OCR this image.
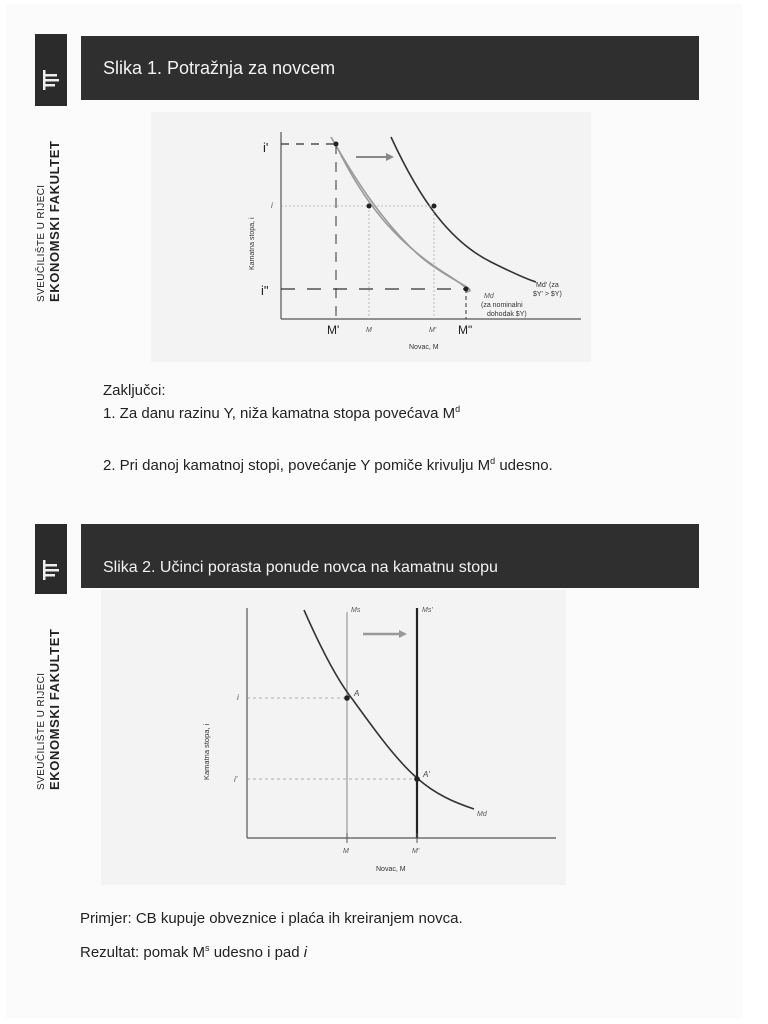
SVEUČILIŠTE U RIJECI EKONOMSKI FAKULTET
Slika 1. Potražnja za novcem
i'
i
i"
Kamatna stopa, i
M'	M	M' M"
Novac, M
Md' (za
$Y' > $Y)
Md
(za nominalni
dohodak $Y)
Zaključci:
1. Za danu razinu Y, niža kamatna stopa povećava $M^d$
2. Pri danoj kamatnoj stopi, povećanje Y pomiče krivulju $M^d$ udesno.
SVEUČILIŠTE U RIJECI EKONOMSKI FAKULTET
Slika 2. Učinci porasta ponude novca na kamatnu stopu
Ms	Ms'
i
i'
A
A'
Md
Kamatna stopa, i
M	M'
Novac, M
Primjer: CB kupuje obveznice i plaća ih kreiranjem novca.
Rezultat: pomak $M^s$ udesno i pad i
